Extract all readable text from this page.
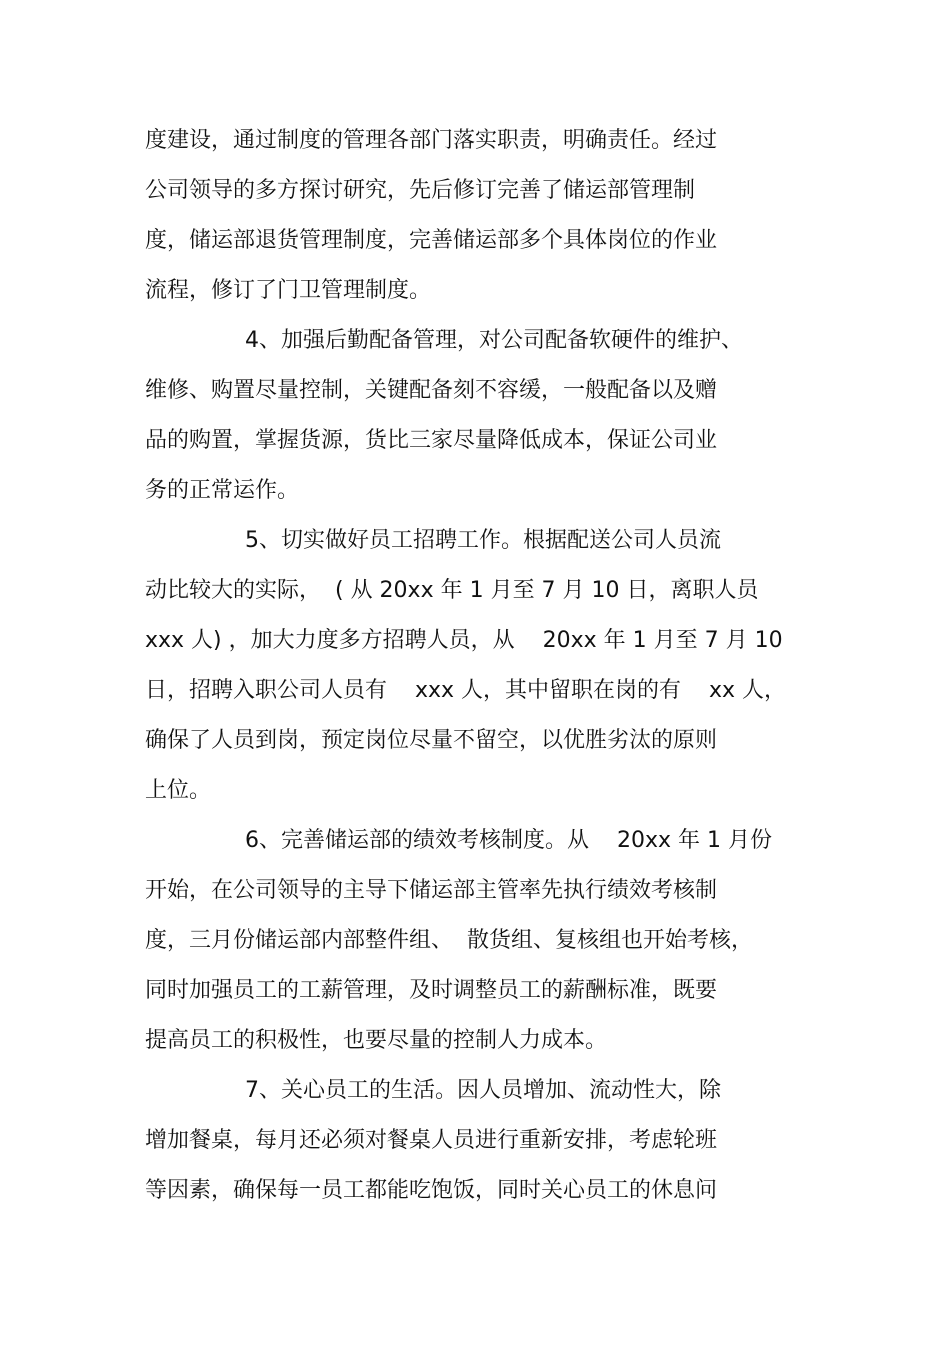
度建设，通过制度的管理各部门落实职责，明确责任。经过
公司领导的多方探讨研究，先后修订完善了储运部管理制
度，储运部退货管理制度，完善储运部多个具体岗位的作业
流程，修订了门卫管理制度。
4、加强后勤配备管理，对公司配备软硬件的维护、
维修、购置尽量控制，关键配备刻不容缓，一般配备以及赠
品的购置，掌握货源，货比三家尽量降低成本，保证公司业
务的正常运作。
5、切实做好员工招聘工作。根据配送公司人员流
动比较大的实际，  ( 从 20xx 年 1 月至 7 月 10 日，离职人员
xxx 人) ，加大力度多方招聘人员，从    20xx 年 1 月至 7 月 10
日，招聘入职公司人员有    xxx 人，其中留职在岗的有    xx 人，
确保了人员到岗，预定岗位尽量不留空，以优胜劣汰的原则
上位。
6、完善储运部的绩效考核制度。从    20xx 年 1 月份
开始，在公司领导的主导下储运部主管率先执行绩效考核制
度，三月份储运部内部整件组、  散货组、复核组也开始考核，
同时加强员工的工薪管理，及时调整员工的薪酬标准，既要
提高员工的积极性，也要尽量的控制人力成本。
7、关心员工的生活。因人员增加、流动性大，除
增加餐桌，每月还必须对餐桌人员进行重新安排，考虑轮班
等因素，确保每一员工都能吃饱饭，同时关心员工的休息问
